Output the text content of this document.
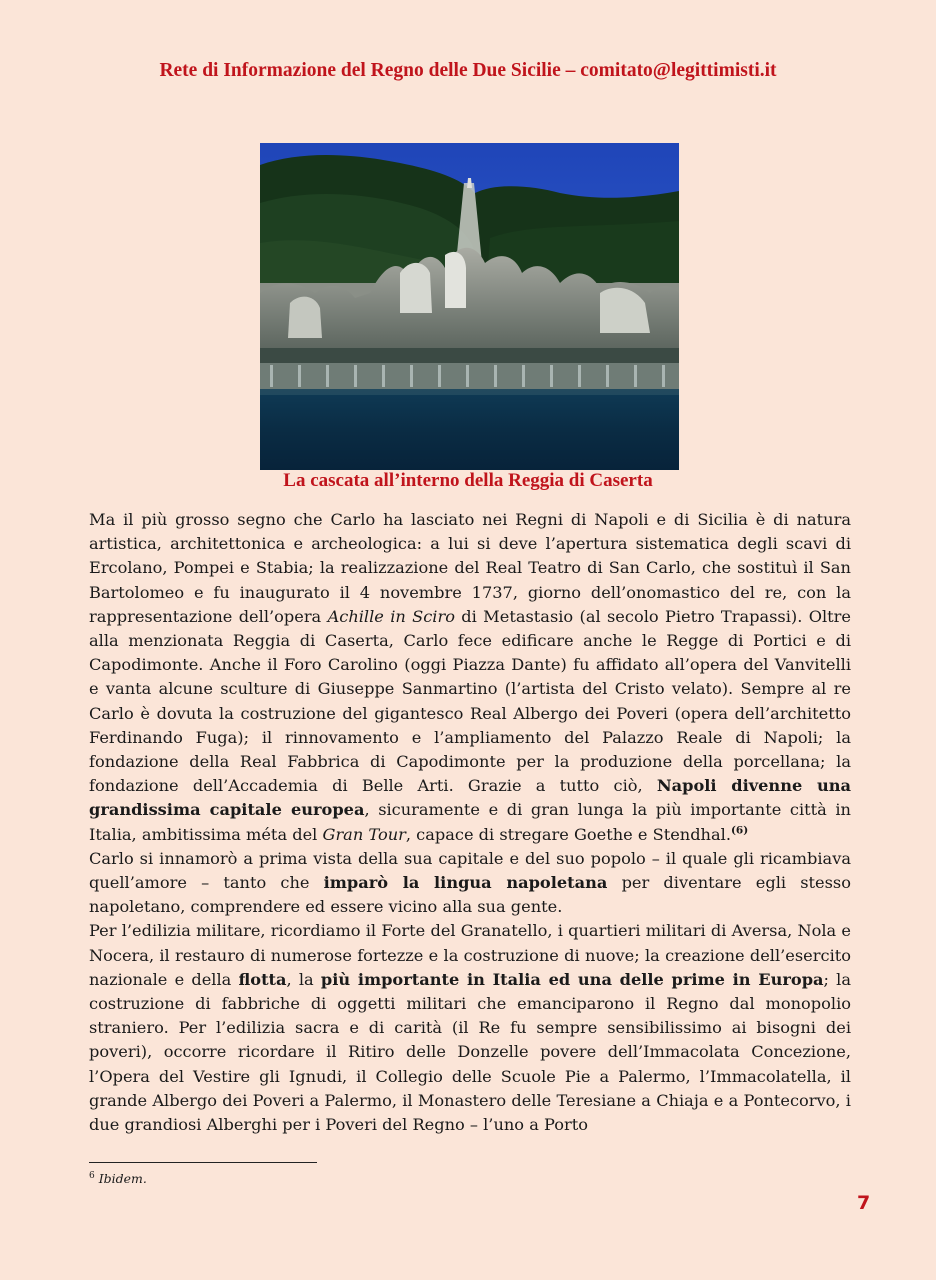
Rete di Informazione del Regno delle Due Sicilie – comitato@legittimisti.it
La cascata all’interno della Reggia di Caserta

Ma il più grosso segno che Carlo ha lasciato nei Regni di Napoli e di Sicilia è di natura artistica, architettonica e archeologica: a lui si deve l’apertura sistematica degli scavi di Ercolano, Pompei e Stabia; la realizzazione del Real Teatro di San Carlo, che sostituì il San Bartolomeo e fu inaugurato il 4 novembre 1737, giorno dell’onomastico del re, con la rappresentazione dell’opera Achille in Sciro di Metastasio (al secolo Pietro Trapassi). Oltre alla menzionata Reggia di Caserta, Carlo fece edificare anche le Regge di Portici e di Capodimonte. Anche il Foro Carolino (oggi Piazza Dante) fu affidato all’opera del Vanvitelli e vanta alcune sculture di Giuseppe Sanmartino (l’artista del Cristo velato). Sempre al re Carlo è dovuta la costruzione del gigantesco Real Albergo dei Poveri (opera dell’architetto Ferdinando Fuga); il rinnovamento e l’ampliamento del Palazzo Reale di Napoli; la fondazione della Real Fabbrica di Capodimonte per la produzione della porcellana; la fondazione dell’Accademia di Belle Arti. Grazie a tutto ciò, Napoli divenne una grandissima capitale europea, sicuramente e di gran lunga la più importante città in Italia, ambitissima méta del Gran Tour, capace di stregare Goethe e Stendhal.$^{(6)}$

Carlo si innamorò a prima vista della sua capitale e del suo popolo – il quale gli ricambiava quell’amore – tanto che imparò la lingua napoletana per diventare egli stesso napoletano, comprendere ed essere vicino alla sua gente.

Per l’edilizia militare, ricordiamo il Forte del Granatello, i quartieri militari di Aversa, Nola e Nocera, il restauro di numerose fortezze e la costruzione di nuove; la creazione dell’esercito nazionale e della flotta, la più importante in Italia ed una delle prime in Europa; la costruzione di fabbriche di oggetti militari che emanciparono il Regno dal monopolio straniero. Per l’edilizia sacra e di carità (il Re fu sempre sensibilissimo ai bisogni dei poveri), occorre ricordare il Ritiro delle Donzelle povere dell’Immacolata Concezione, l’Opera del Vestire gli Ignudi, il Collegio delle Scuole Pie a Palermo, l’Immacolatella, il grande Albergo dei Poveri a Palermo, il Monastero delle Teresiane a Chiaja e a Pontecorvo, i due grandiosi Alberghi per i Poveri del Regno – l’uno a Porto

$^6$ Ibidem.
7
